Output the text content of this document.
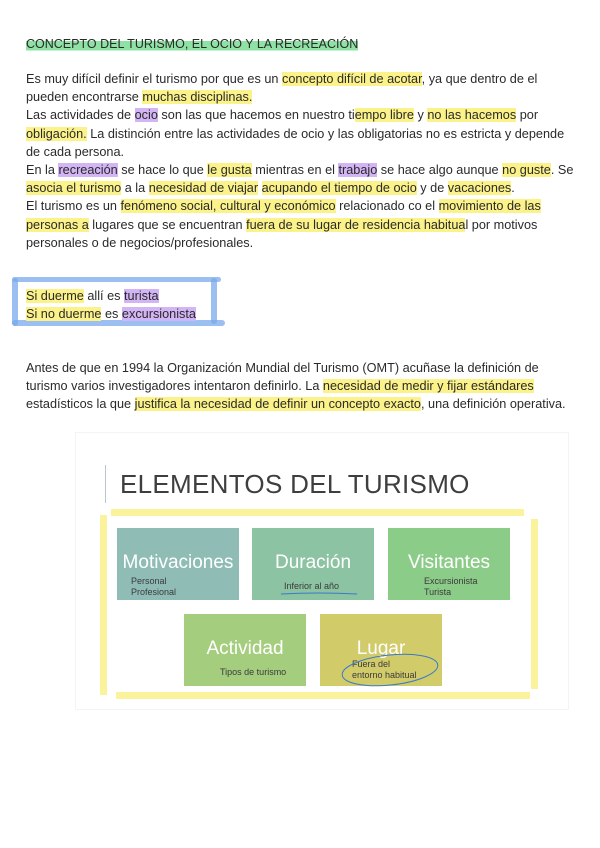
CONCEPTO DEL TURISMO, EL OCIO Y LA RECREACIÓN
Es muy difícil definir el turismo por que es un concepto difícil de acotar, ya que dentro de el pueden encontrarse muchas disciplinas.
Las actividades de ocio son las que hacemos en nuestro tiempo libre y no las hacemos por obligación. La distinción entre las actividades de ocio y las obligatorias no es estricta y depende de cada persona.
En la recreación se hace lo que le gusta mientras en el trabajo se hace algo aunque no guste. Se asocia el turismo a la necesidad de viajar acupando el tiempo de ocio y de vacaciones.
El turismo es un fenómeno social, cultural y económico relacionado co el movimiento de las personas a lugares que se encuentran fuera de su lugar de residencia habitual por motivos personales o de negocios/profesionales.
Si duerme allí es turista
Si no duerme es excursionista
Antes de que en 1994 la Organización Mundial del Turismo (OMT) acuñase la definición de turismo varios investigadores intentaron definirlo. La necesidad de medir y fijar estándares estadísticos la que justifica la necesidad de definir un concepto exacto, una definición operativa.
ELEMENTOS DEL TURISMO
Motivaciones
Personal
Profesional
Duración
Inferior al año
Visitantes
Excursionista
Turista
Actividad
Tipos de turismo
Lugar
Fuera del
entorno habitual
